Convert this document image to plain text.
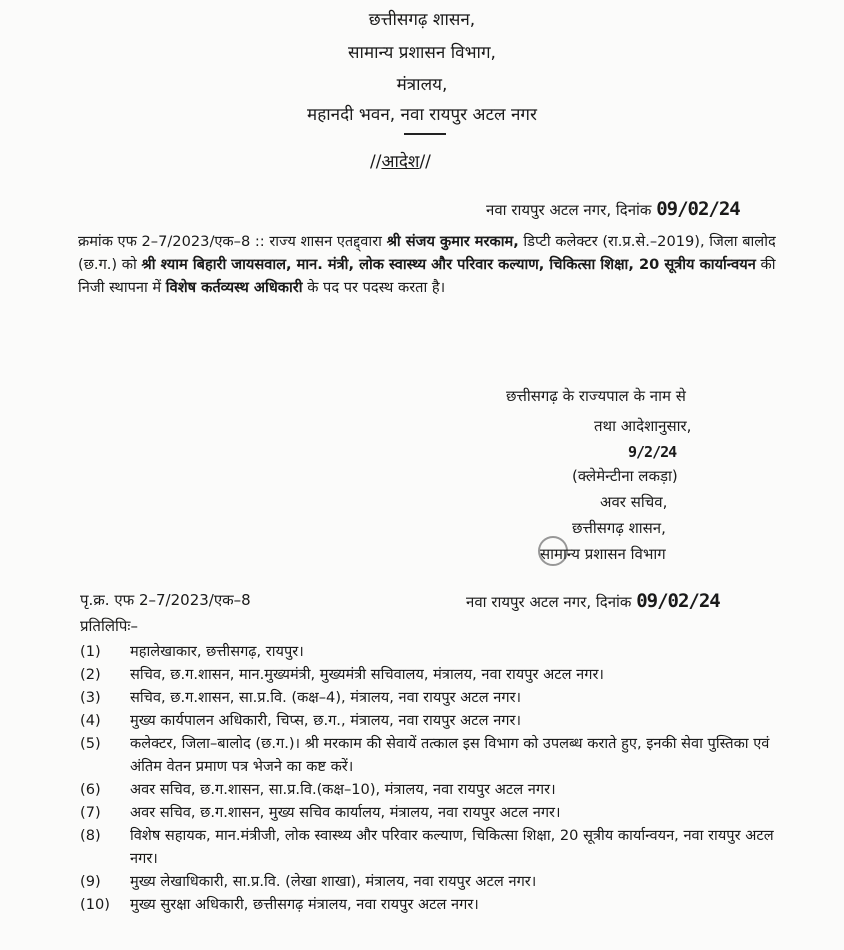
छत्तीसगढ़ शासन,
सामान्य प्रशासन विभाग,
मंत्रालय,
महानदी भवन, नवा रायपुर अटल नगर
//आदेश//
नवा रायपुर अटल नगर, दिनांक 09/02/24
क्रमांक एफ 2–7/2023/एक–8 :: राज्य शासन एतद्द्वारा श्री संजय कुमार मरकाम, डिप्टी कलेक्टर (रा.प्र.से.–2019), जिला बालोद (छ.ग.) को श्री श्याम बिहारी जायसवाल, मान. मंत्री, लोक स्वास्थ्य और परिवार कल्याण, चिकित्सा शिक्षा, 20 सूत्रीय कार्यान्वयन की निजी स्थापना में विशेष कर्तव्यस्थ अधिकारी के पद पर पदस्थ करता है।
छत्तीसगढ़ के राज्यपाल के नाम से
तथा आदेशानुसार,
9/2/24
(क्लेमेन्टीना लकड़ा)
अवर सचिव,
छत्तीसगढ़ शासन,
सामान्य प्रशासन विभाग
पृ.क्र. एफ 2–7/2023/एक–8	नवा रायपुर अटल नगर, दिनांक 09/02/24
प्रतिलिपिः–
(1) महालेखाकार, छत्तीसगढ़, रायपुर।
(2) सचिव, छ.ग.शासन, मान.मुख्यमंत्री, मुख्यमंत्री सचिवालय, मंत्रालय, नवा रायपुर अटल नगर।
(3) सचिव, छ.ग.शासन, सा.प्र.वि. (कक्ष–4), मंत्रालय, नवा रायपुर अटल नगर।
(4) मुख्य कार्यपालन अधिकारी, चिप्स, छ.ग., मंत्रालय, नवा रायपुर अटल नगर।
(5) कलेक्टर, जिला–बालोद (छ.ग.)। श्री मरकाम की सेवायें तत्काल इस विभाग को उपलब्ध कराते हुए, इनकी सेवा पुस्तिका एवं अंतिम वेतन प्रमाण पत्र भेजने का कष्ट करें।
(6) अवर सचिव, छ.ग.शासन, सा.प्र.वि.(कक्ष–10), मंत्रालय, नवा रायपुर अटल नगर।
(7) अवर सचिव, छ.ग.शासन, मुख्य सचिव कार्यालय, मंत्रालय, नवा रायपुर अटल नगर।
(8) विशेष सहायक, मान.मंत्रीजी, लोक स्वास्थ्य और परिवार कल्याण, चिकित्सा शिक्षा, 20 सूत्रीय कार्यान्वयन, नवा रायपुर अटल नगर।
(9) मुख्य लेखाधिकारी, सा.प्र.वि. (लेखा शाखा), मंत्रालय, नवा रायपुर अटल नगर।
(10) मुख्य सुरक्षा अधिकारी, छत्तीसगढ़ मंत्रालय, नवा रायपुर अटल नगर।
